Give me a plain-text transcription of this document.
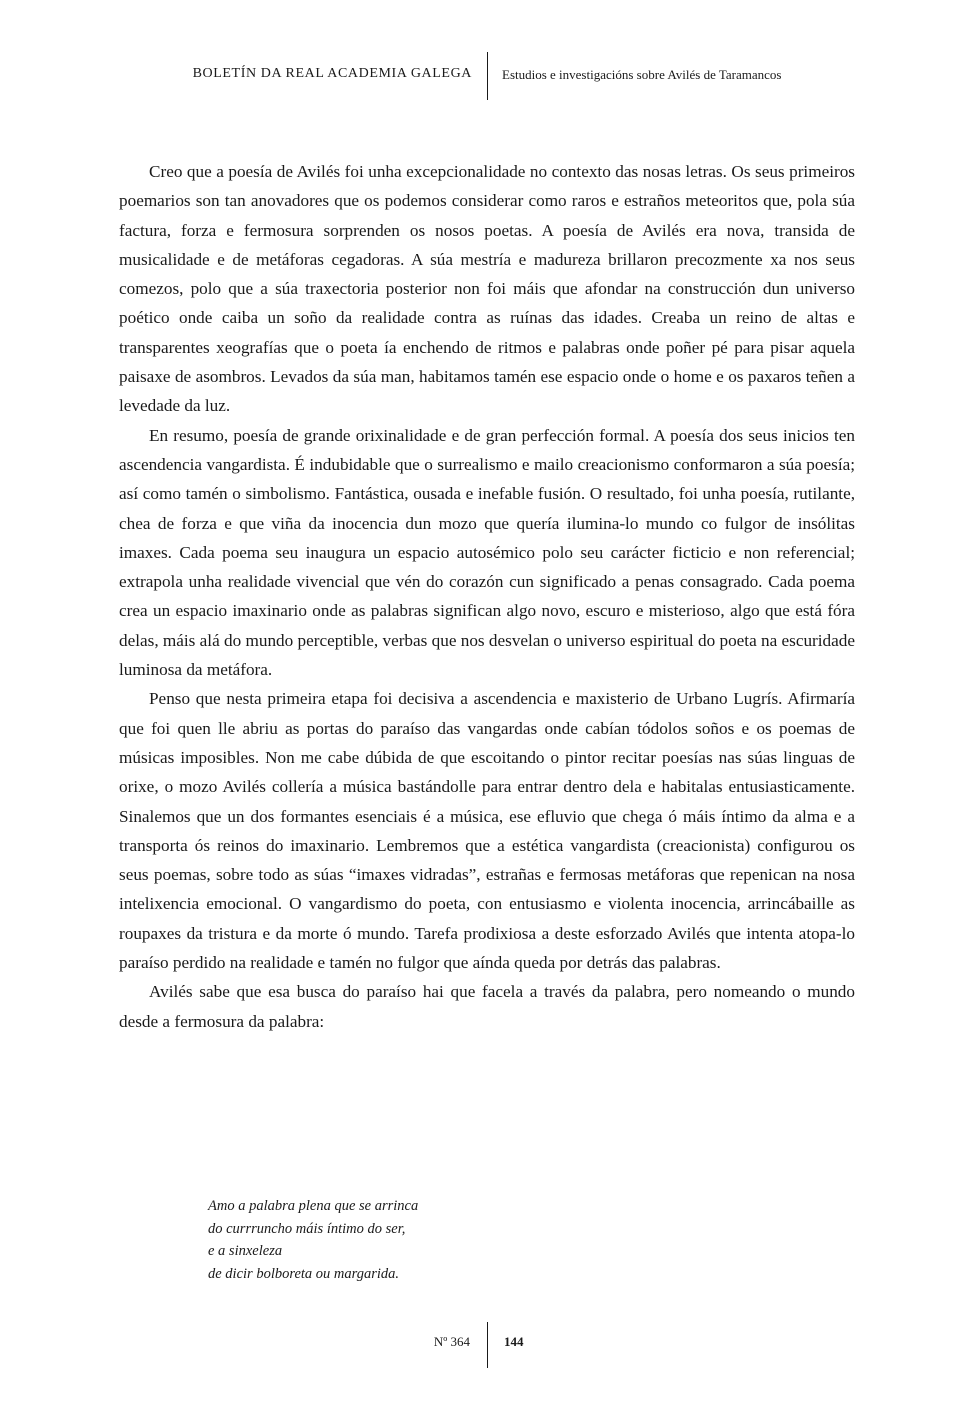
BOLETÍN DA REAL ACADEMIA GALEGA Estudios e investigacións sobre Avilés de Taramancos

Creo que a poesía de Avilés foi unha excepcionalidade no contexto das nosas letras. Os seus primeiros poemarios son tan anovadores que os podemos considerar como raros e estraños meteoritos que, pola súa factura, forza e fermosura sorprenden os nosos poetas. A poesía de Avilés era nova, transida de musicalidade e de metáforas cegadoras. A súa mestría e madureza brillaron precozmente xa nos seus comezos, polo que a súa traxectoria posterior non foi máis que afondar na construcción dun universo poético onde caiba un soño da realidade contra as ruínas das idades. Creaba un reino de altas e transparentes xeografías que o poeta ía enchendo de ritmos e palabras onde poñer pé para pisar aquela paisaxe de asombros. Levados da súa man, habitamos tamén ese espacio onde o home e os paxaros teñen a levedade da luz.

En resumo, poesía de grande orixinalidade e de gran perfección formal. A poesía dos seus inicios ten ascendencia vangardista. É indubidable que o surrealismo e mailo creacionismo conformaron a súa poesía; así como tamén o simbolismo. Fantástica, ousada e inefable fusión. O resultado, foi unha poesía, rutilante, chea de forza e que viña da inocencia dun mozo que quería ilumina-lo mundo co fulgor de insólitas imaxes. Cada poema seu inaugura un espacio autosémico polo seu carácter ficticio e non referencial; extrapola unha realidade vivencial que vén do corazón cun significado a penas consagrado. Cada poema crea un espacio imaxinario onde as palabras significan algo novo, escuro e misterioso, algo que está fóra delas, máis alá do mundo perceptible, verbas que nos desvelan o universo espiritual do poeta na escuridade luminosa da metáfora.

Penso que nesta primeira etapa foi decisiva a ascendencia e maxisterio de Urbano Lugrís. Afirmaría que foi quen lle abriu as portas do paraíso das vangardas onde cabían tódolos soños e os poemas de músicas imposibles. Non me cabe dúbida de que escoitando o pintor recitar poesías nas súas linguas de orixe, o mozo Avilés collería a música bastándolle para entrar dentro dela e habitalas entusiasticamente. Sinalemos que un dos formantes esenciais é a música, ese efluvio que chega ó máis íntimo da alma e a transporta ós reinos do imaxinario. Lembremos que a estética vangardista (creacionista) configurou os seus poemas, sobre todo as súas “imaxes vidradas”, estrañas e fermosas metáforas que repenican na nosa intelixencia emocional. O vangardismo do poeta, con entusiasmo e violenta inocencia, arrincábaille as roupaxes da tristura e da morte ó mundo. Tarefa prodixiosa a deste esforzado Avilés que intenta atopa-lo paraíso perdido na realidade e tamén no fulgor que aínda queda por detrás das palabras.

Avilés sabe que esa busca do paraíso hai que facela a través da palabra, pero nomeando o mundo desde a fermosura da palabra:

Amo a palabra plena que se arrinca
do currruncho máis íntimo do ser,
e a sinxeleza
de dicir bolboreta ou margarida.
Nº 364	144
